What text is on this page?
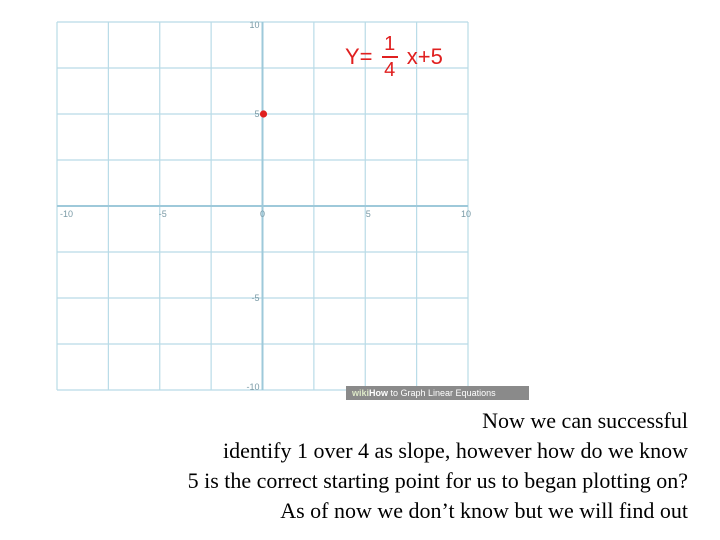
-10	-5	0	5	10
10
5
-5
-10
$Y= \frac{1}{4} x+5$
wikiHow to Graph Linear Equations
Now we can successful
identify 1 over 4 as slope, however how do we know
5 is the correct starting point for us to began plotting on?
As of now we don’t know but we will find out
